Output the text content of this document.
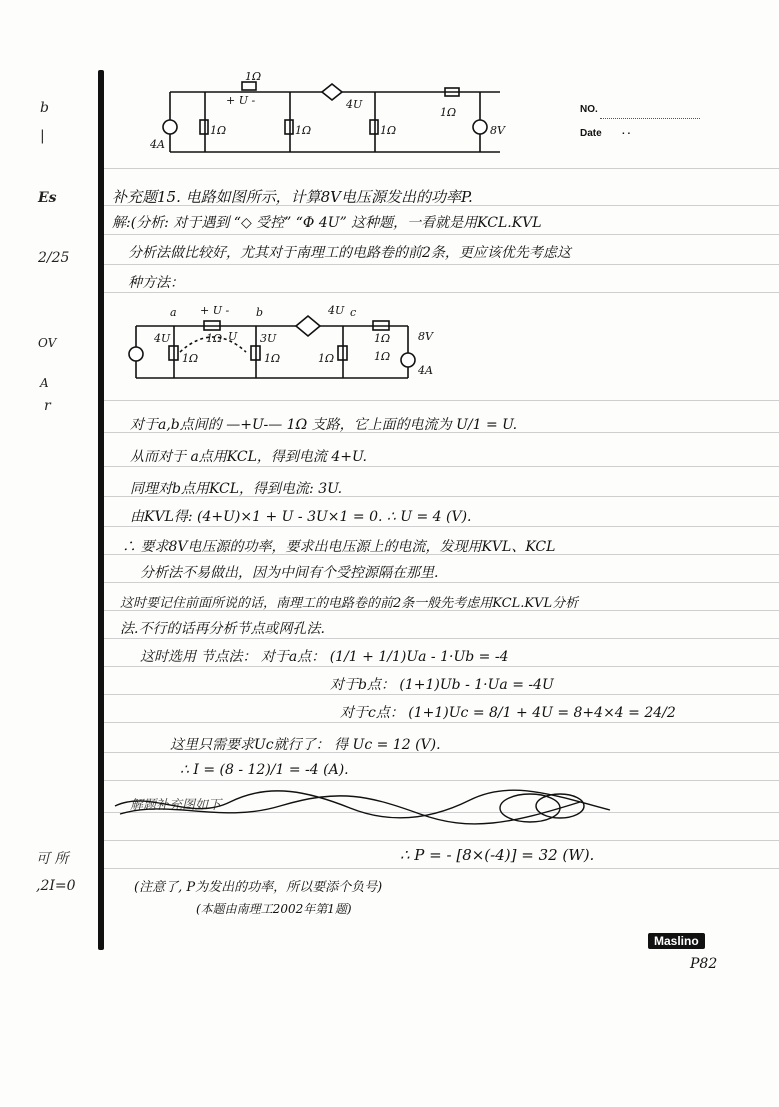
NO.
Date . .
b
|
Es
2/25
OV
A
r
可 所
,2I=0
1Ω
+ U -	4U
1Ω
4A
1Ω	1Ω	1Ω	8V
补充题15. 电路如图所示，计算8V电压源发出的功率P.
解:(分析: 对于遇到 “◇ 受控” “Φ 4U” 这种题，一看就是用KCL.KVL
分析法做比较好，尤其对于南理工的电路卷的前2条，更应该优先考虑这
种方法：
a + U - b	4U c
1Ω U
4U	3U
1Ω	1Ω	1Ω
1Ω
1Ω
8V
4A
对于a,b点间的 —+U-— 1Ω 支路，它上面的电流为 U/1 = U.
从而对于 a点用KCL，得到电流 4+U.
同理对b点用KCL，得到电流: 3U.
由KVL得: (4+U)×1 + U - 3U×1 = 0. ∴ U = 4 (V).
∴ 要求8V电压源的功率，要求出电压源上的电流，发现用KVL、KCL
分析法不易做出，因为中间有个受控源隔在那里.
这时要记住前面所说的话，南理工的电路卷的前2条一般先考虑用KCL.KVL分析
法.不行的话再分析节点或网孔法.
这时选用 节点法： 对于a点： (1/1 + 1/1)Ua - 1·Ub = -4
对于b点： (1+1)Ub - 1·Ua = -4U
对于c点： (1+1)Uc = 8/1 + 4U = 8+4×4 = 24/2
这里只需要求Uc就行了： 得 Uc = 12 (V).
∴ I = (8 - 12)/1 = -4 (A).
解题补充图如下
∴ P = - [8×(-4)] = 32 (W).
(注意了, P为发出的功率，所以要添个负号)
(本题由南理工2002年第1题)
Maslino
P82
